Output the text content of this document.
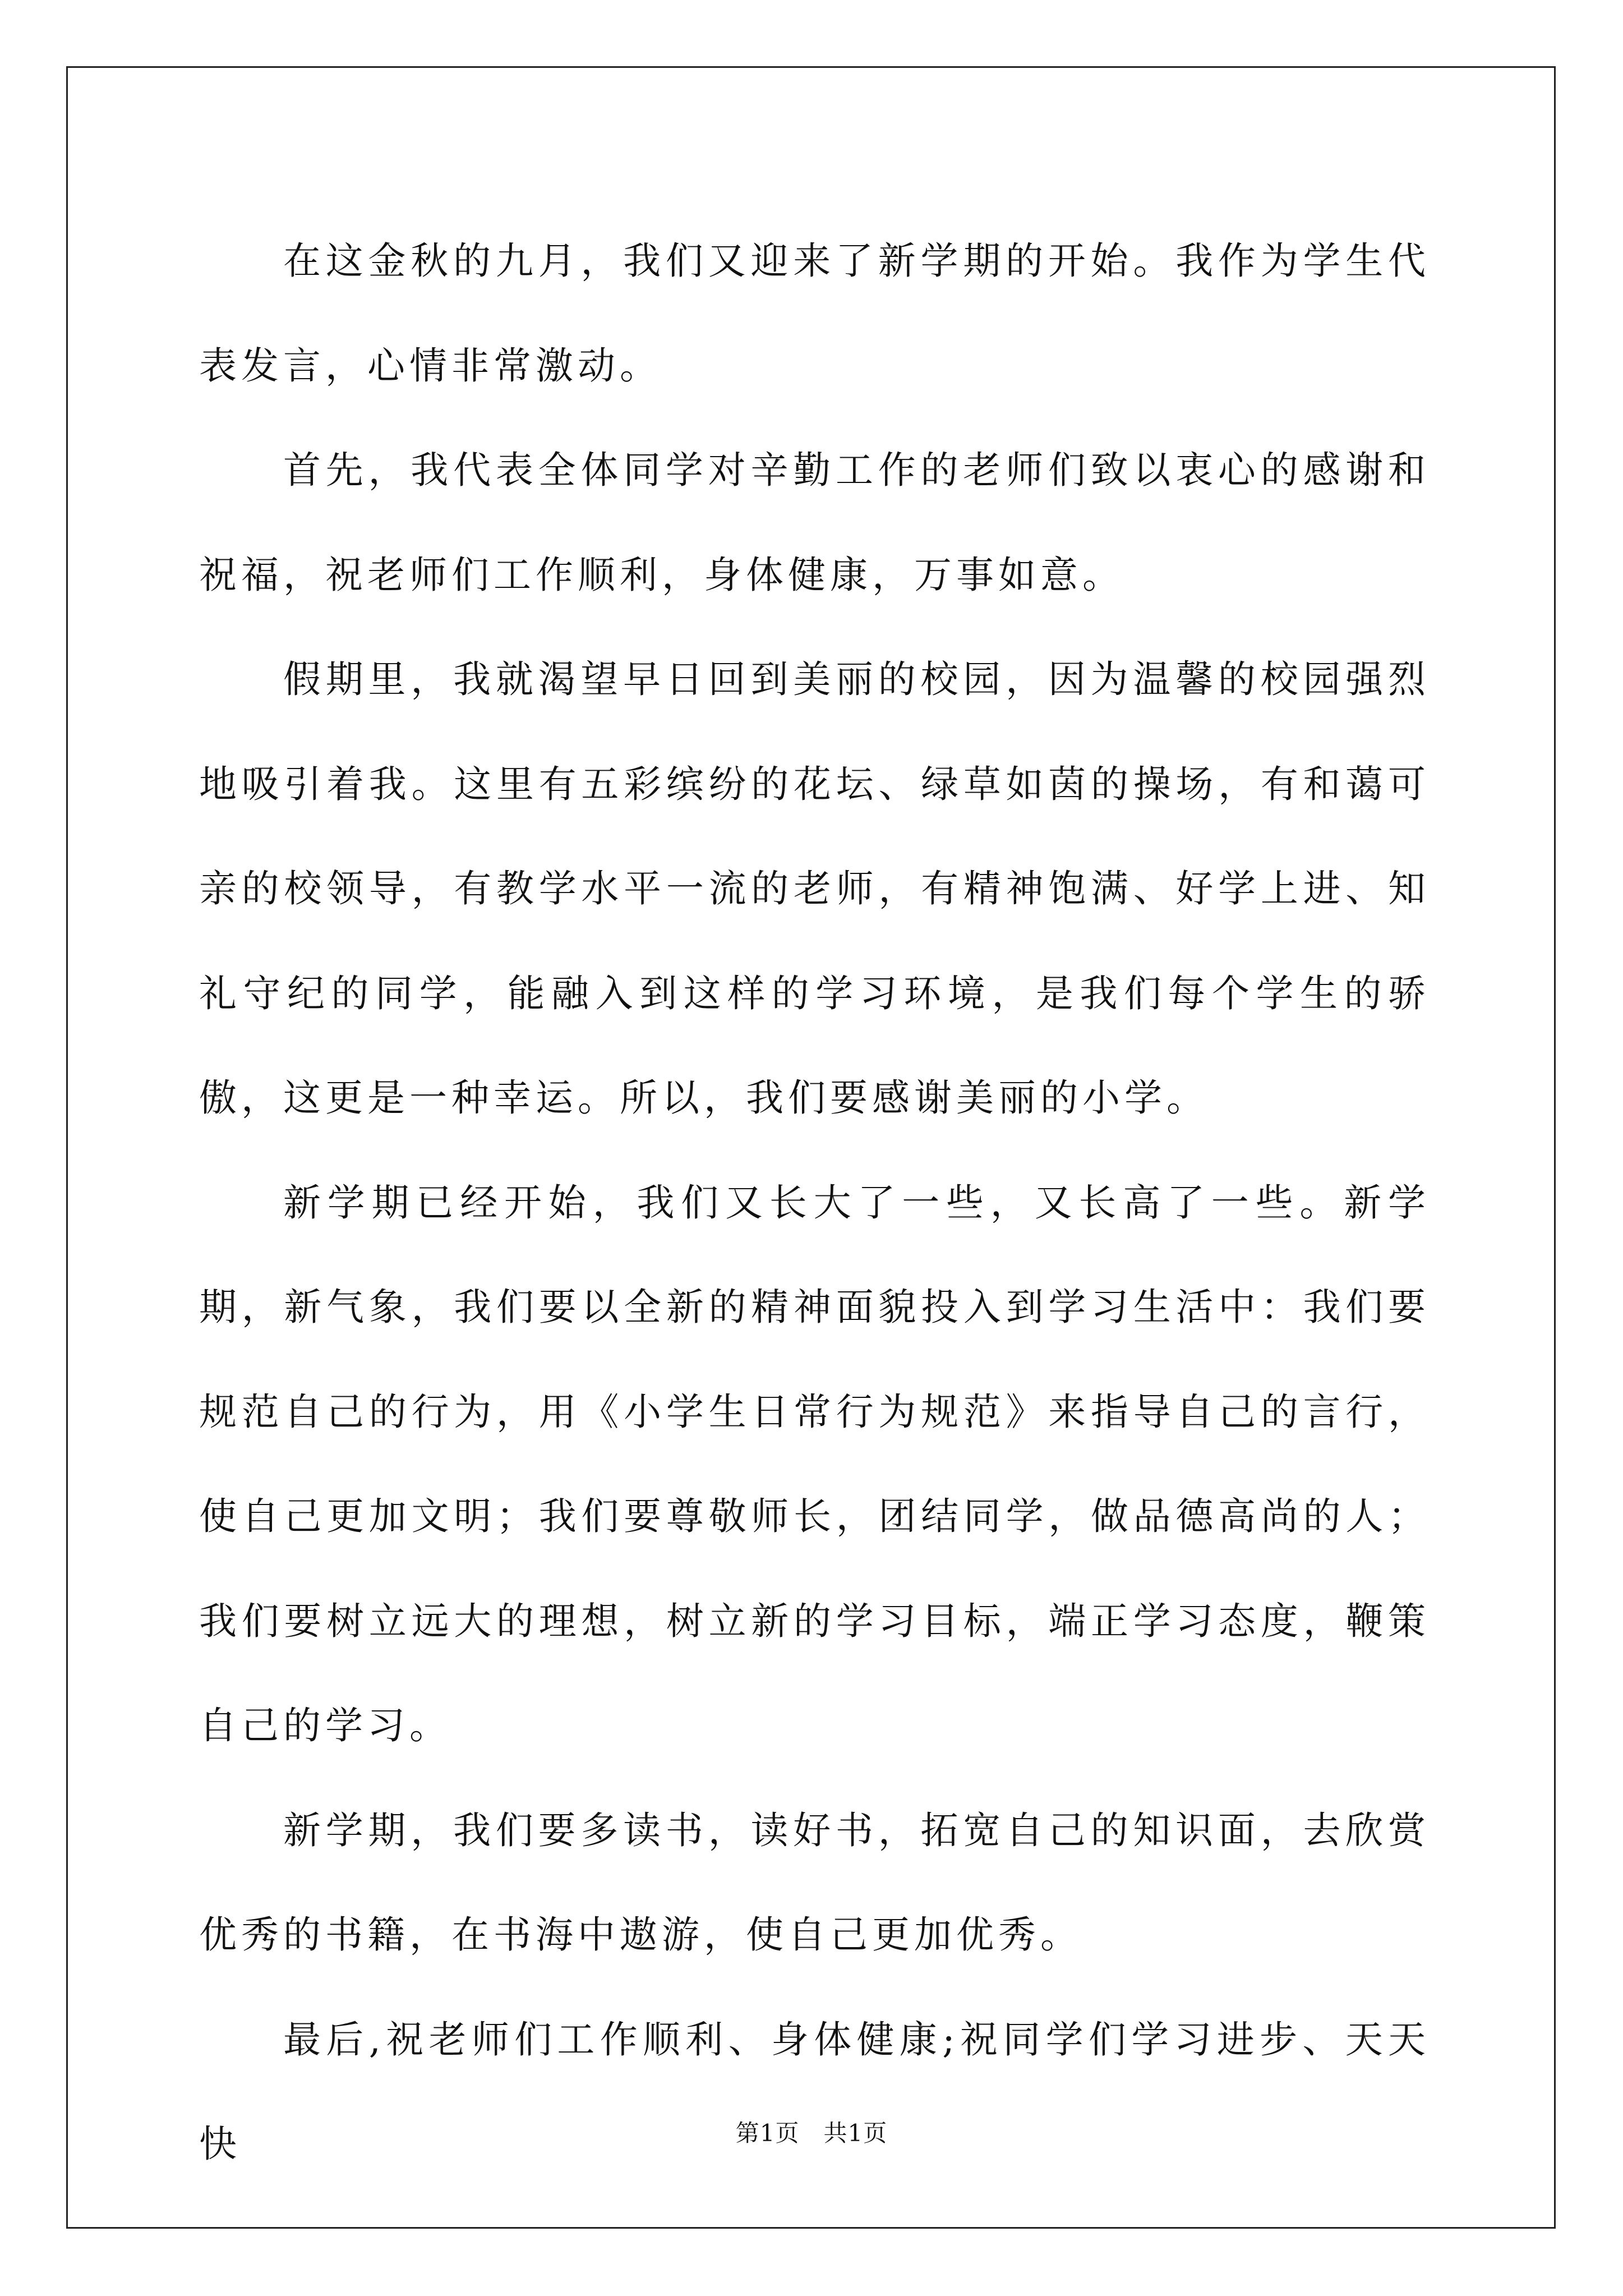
在这金秋的九月，我们又迎来了新学期的开始。我作为学生代表发言，心情非常激动。

首先，我代表全体同学对辛勤工作的老师们致以衷心的感谢和祝福，祝老师们工作顺利，身体健康，万事如意。

假期里，我就渴望早日回到美丽的校园，因为温馨的校园强烈地吸引着我。这里有五彩缤纷的花坛、绿草如茵的操场，有和蔼可亲的校领导，有教学水平一流的老师，有精神饱满、好学上进、知礼守纪的同学，能融入到这样的学习环境，是我们每个学生的骄傲，这更是一种幸运。所以，我们要感谢美丽的小学。

新学期已经开始，我们又长大了一些，又长高了一些。新学期，新气象，我们要以全新的精神面貌投入到学习生活中：我们要规范自己的行为，用《小学生日常行为规范》来指导自己的言行，使自己更加文明；我们要尊敬师长，团结同学，做品德高尚的人；我们要树立远大的理想，树立新的学习目标，端正学习态度，鞭策自己的学习。

新学期，我们要多读书，读好书，拓宽自己的知识面，去欣赏优秀的书籍，在书海中遨游，使自己更加优秀。

最后,祝老师们工作顺利、身体健康;祝同学们学习进步、天天快	第1页　共1页
